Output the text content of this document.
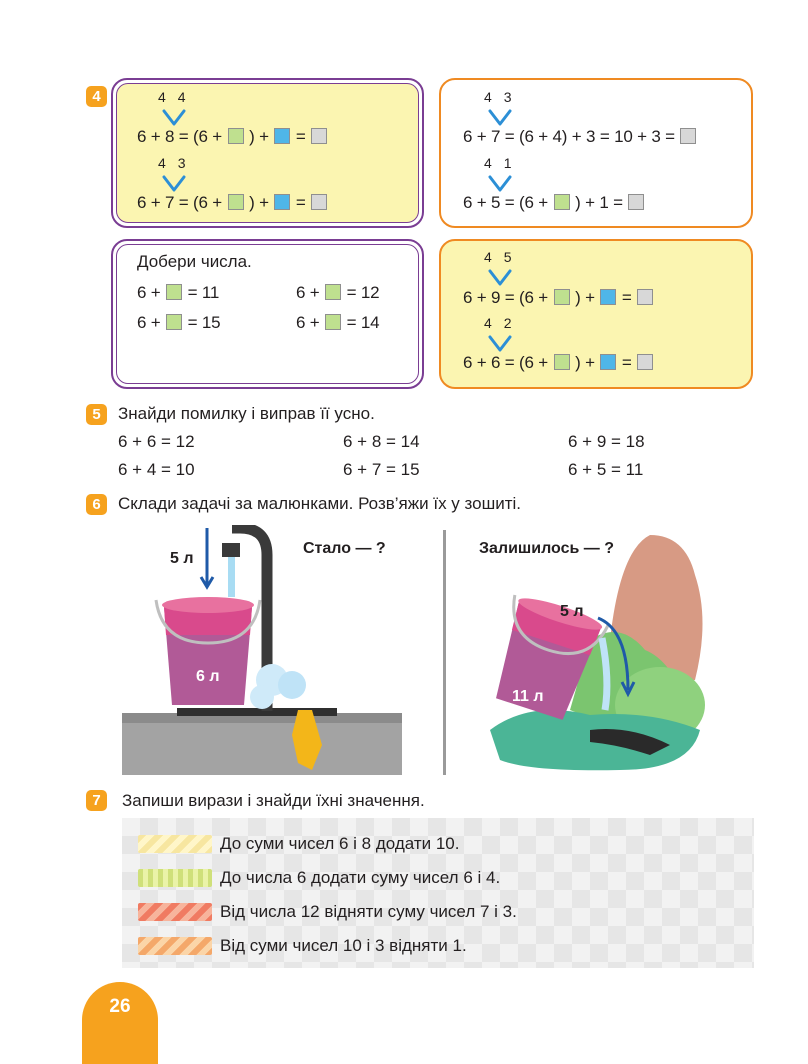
4	4 4
6 + 8 = (6 + ) + =
4 3
6 + 7 = (6 + ) + =
4 3
6 + 7 = (6 + 4) + 3 = 10 + 3 =
4 1
6 + 5 = (6 + ) + 1 =
Добери числа.
6 + = 11	6 + = 12
6 + = 15	6 + = 14
4 5
6 + 9 = (6 + ) + =
4 2
6 + 6 = (6 + ) + =
5	Знайди помилку і виправ її усно.
6 + 6 = 12	6 + 8 = 14	6 + 9 = 18
6 + 4 = 10	6 + 7 = 15	6 + 5 = 11
6	Склади задачі за малюнками. Розв’яжи їх у зошиті.
5 л
6 л
Стало — ?	Залишилось — ?
5 л
11 л
7	Запиши вирази і знайди їхні значення.
До суми чисел 6 і 8 додати 10.
До числа 6 додати суму чисел 6 і 4.
Від числа 12 відняти суму чисел 7 і 3.
Від суми чисел 10 і 3 відняти 1.
26
